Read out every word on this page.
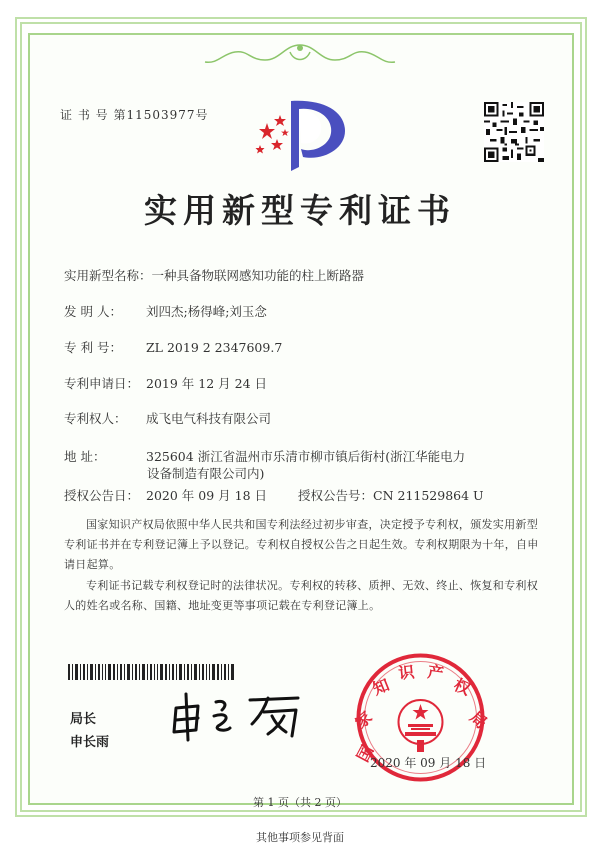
证 书 号 第11503977号
实用新型专利证书
实用新型名称：一种具备物联网感知功能的柱上断路器
发 明 人： 刘四杰;杨得峰;刘玉念
专 利 号： ZL 2019 2 2347609.7
专利申请日： 2019 年 12 月 24 日
专利权人： 成飞电气科技有限公司
地 址：	325604 浙江省温州市乐清市柳市镇后街村(浙江华能电力
设备制造有限公司内)
授权公告日： 2020 年 09 月 18 日 授权公告号：CN 211529864 U
国家知识产权局依照中华人民共和国专利法经过初步审查，决定授予专利权，颁发实用新型专利证书并在专利登记簿上予以登记。专利权自授权公告之日起生效。专利权期限为十年，自申请日起算。
专利证书记载专利权登记时的法律状况。专利权的转移、质押、无效、终止、恢复和专利权人的姓名或名称、国籍、地址变更等事项记载在专利登记簿上。
局长
申长雨	国
家
知
识 产
权
局
2020 年 09 月 18 日
第 1 页（共 2 页）
其他事项参见背面
